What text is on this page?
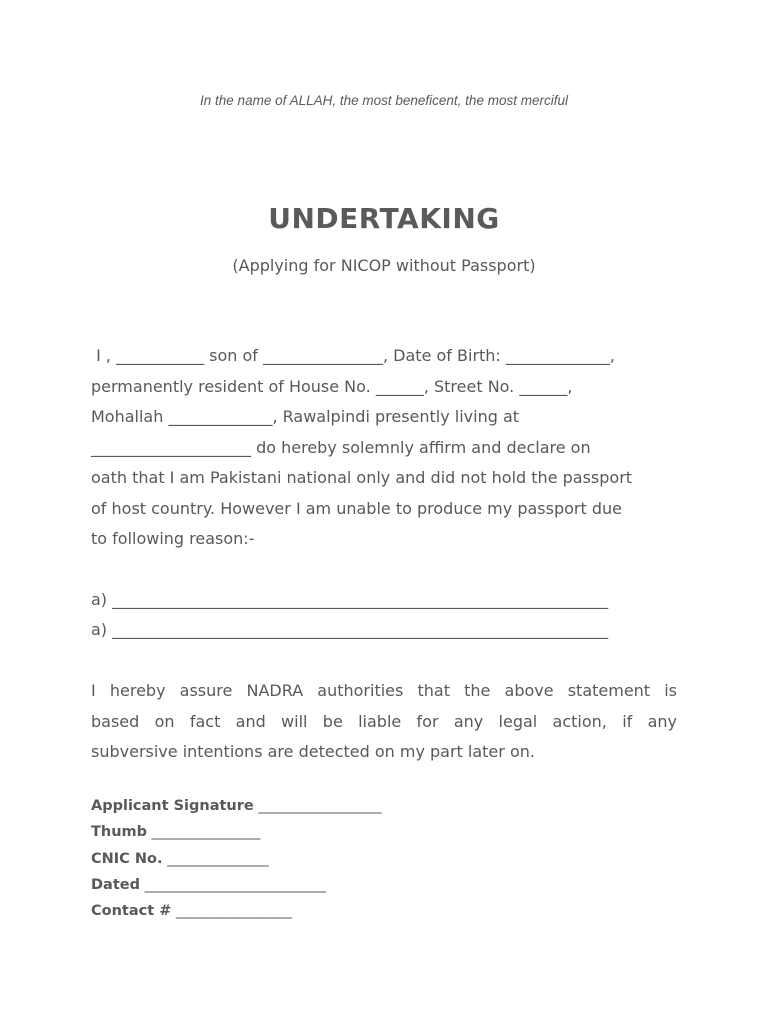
In the name of ALLAH, the most beneficent, the most merciful
UNDERTAKING
(Applying for NICOP without Passport)
I , ___________ son of _______________, Date of Birth: _____________,
permanently resident of House No. ______, Street No. ______,
Mohallah _____________, Rawalpindi presently living at
____________________ do hereby solemnly affirm and declare on
oath that I am Pakistani national only and did not hold the passport
of host country. However I am unable to produce my passport due
to following reason:-
a) ______________________________________________________________
a) ______________________________________________________________
I hereby assure NADRA authorities that the above statement is
based on fact and will be liable for any legal action, if any
subversive intentions are detected on my part later on.
Applicant Signature _________________
Thumb _______________
CNIC No. ______________
Dated _________________________
Contact # ________________
